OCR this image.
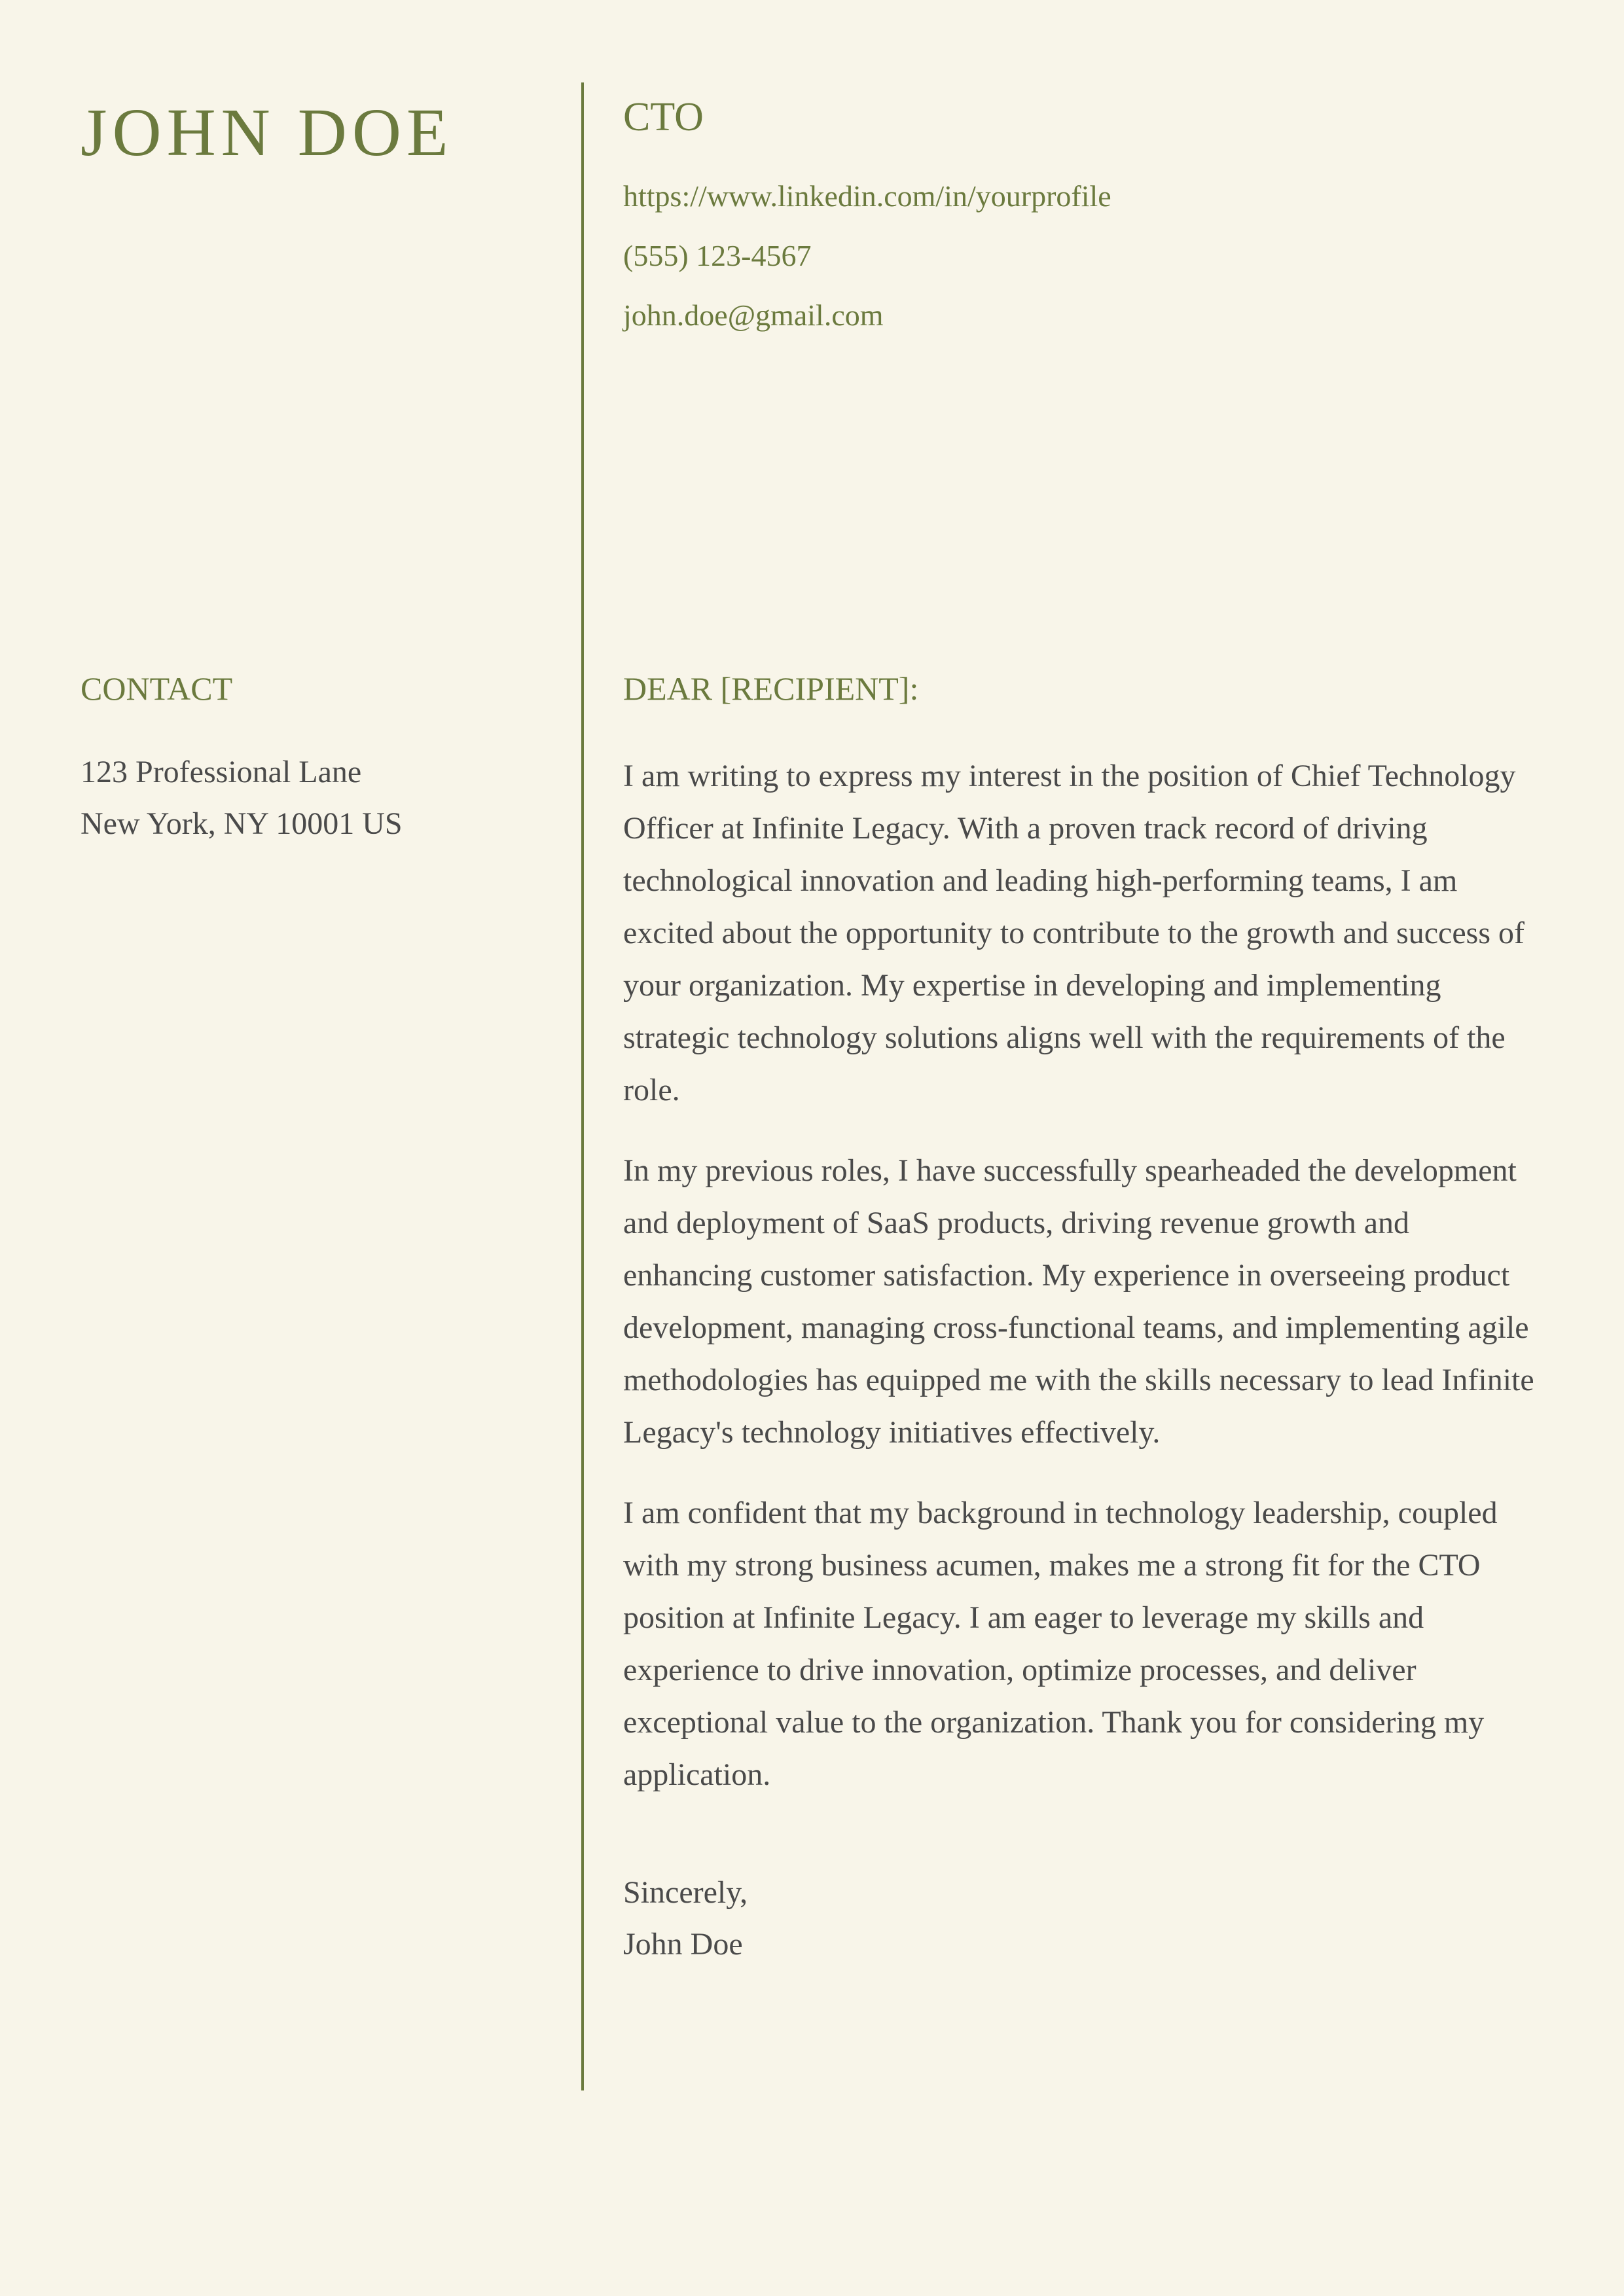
JOHN DOE
CONTACT
123 Professional Lane
New York, NY 10001 US
CTO
https://www.linkedin.com/in/yourprofile
(555) 123-4567
john.doe@gmail.com
DEAR [RECIPIENT]:

I am writing to express my interest in the position of Chief Technology Officer at Infinite Legacy. With a proven track record of driving technological innovation and leading high-performing teams, I am excited about the opportunity to contribute to the growth and success of your organization. My expertise in developing and implementing strategic technology solutions aligns well with the requirements of the role.

In my previous roles, I have successfully spearheaded the development and deployment of SaaS products, driving revenue growth and enhancing customer satisfaction. My experience in overseeing product development, managing cross-functional teams, and implementing agile methodologies has equipped me with the skills necessary to lead Infinite Legacy's technology initiatives effectively.

I am confident that my background in technology leadership, coupled with my strong business acumen, makes me a strong fit for the CTO position at Infinite Legacy. I am eager to leverage my skills and experience to drive innovation, optimize processes, and deliver exceptional value to the organization. Thank you for considering my application.

Sincerely,
John Doe
